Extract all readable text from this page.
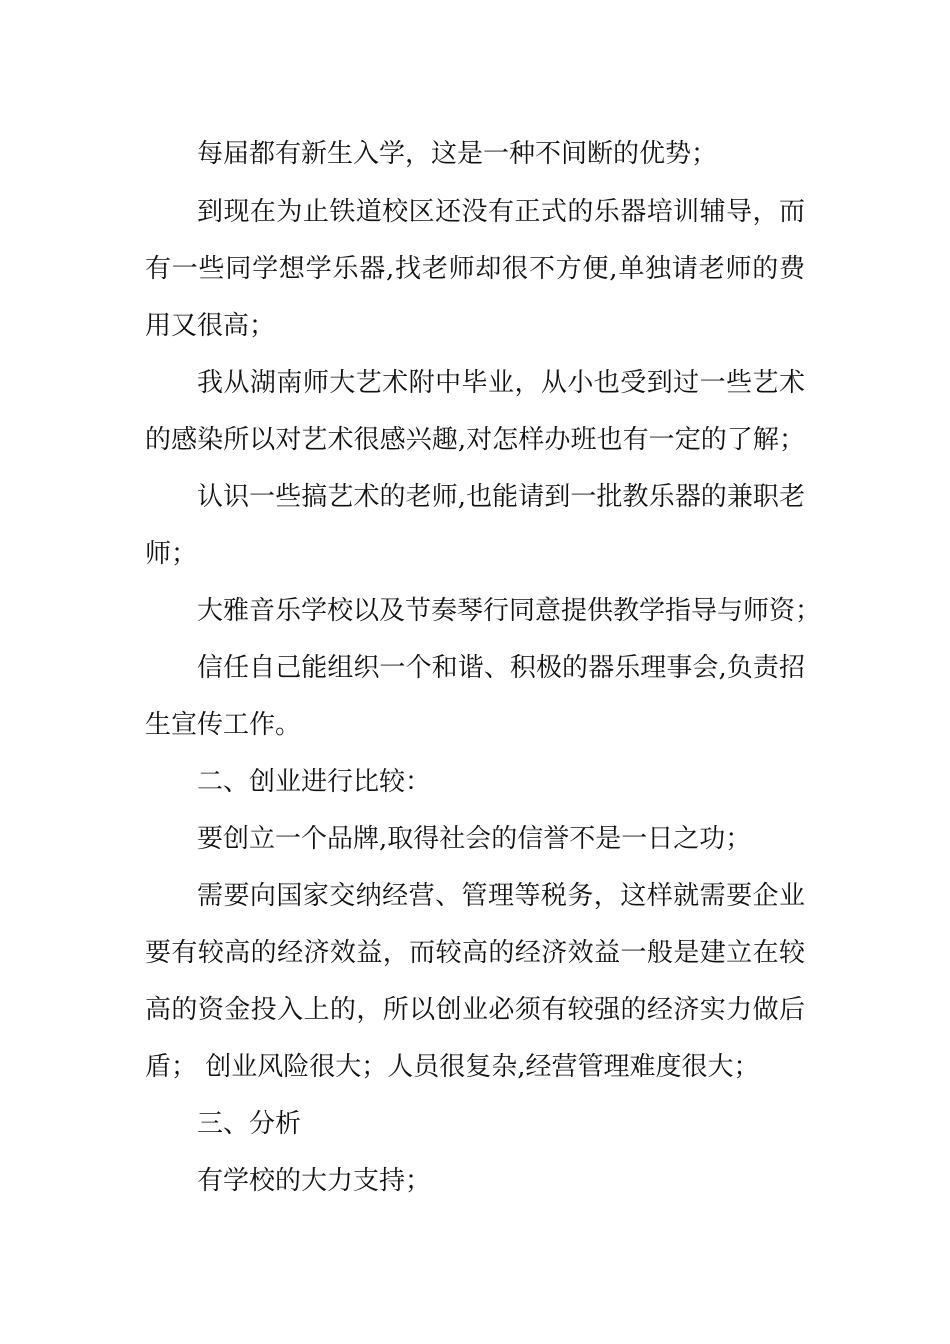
每届都有新生入学，这是一种不间断的优势；

到现在为止铁道校区还没有正式的乐器培训辅导，而

有一些同学想学乐器,找老师却很不方便,单独请老师的费

用又很高；

我从湖南师大艺术附中毕业，从小也受到过一些艺术

的感染所以对艺术很感兴趣,对怎样办班也有一定的了解；

认识一些搞艺术的老师,也能请到一批教乐器的兼职老

师；

大雅音乐学校以及节奏琴行同意提供教学指导与师资；

信任自己能组织一个和谐、积极的器乐理事会,负责招

生宣传工作。

二、创业进行比较：

要创立一个品牌,取得社会的信誉不是一日之功；

需要向国家交纳经营、管理等税务，这样就需要企业

要有较高的经济效益，而较高的经济效益一般是建立在较

高的资金投入上的，所以创业必须有较强的经济实力做后

盾； 创业风险很大；人员很复杂,经营管理难度很大；

三、分析

有学校的大力支持；
